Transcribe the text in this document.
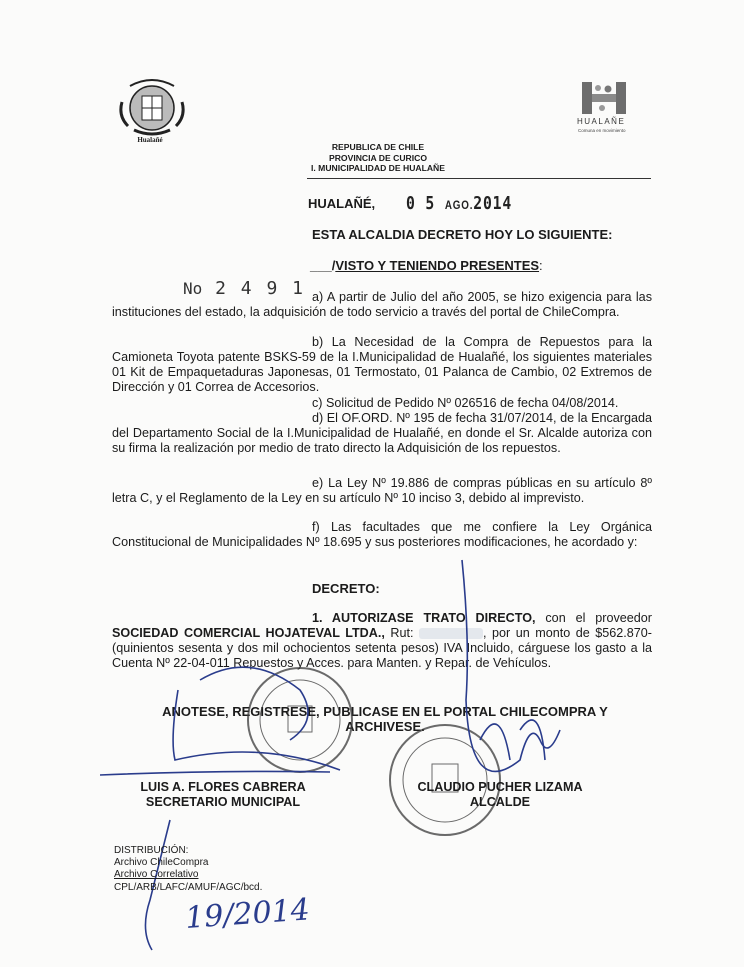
Hualañé
HUALAÑE
Comuna en movimiento
REPUBLICA DE CHILE
PROVINCIA DE CURICO
I. MUNICIPALIDAD DE HUALAÑE
HUALAÑÉ, 0 5 AGO.2014
ESTA ALCALDIA DECRETO HOY LO SIGUIENTE:
___/VISTO Y TENIENDO PRESENTES:
No 2 4 9 1 a) A partir de Julio del año 2005, se hizo exigencia para las instituciones del estado, la adquisición de todo servicio a través del portal de ChileCompra.
b) La Necesidad de la Compra de Repuestos para la Camioneta Toyota patente BSKS-59 de la I.Municipalidad de Hualañé, los siguientes materiales 01 Kit de Empaquetaduras Japonesas, 01 Termostato, 01 Palanca de Cambio, 02 Extremos de Dirección y 01 Correa de Accesorios.
c) Solicitud de Pedido Nº 026516 de fecha 04/08/2014.
d) El OF.ORD. Nº 195 de fecha 31/07/2014, de la Encargada del Departamento Social de la I.Municipalidad de Hualañé, en donde el Sr. Alcalde autoriza con su firma la realización por medio de trato directo la Adquisición de los repuestos.
e) La Ley Nº 19.886 de compras públicas en su artículo 8º letra C, y el Reglamento de la Ley en su artículo Nº 10 inciso 3, debido al imprevisto.
f) Las facultades que me confiere la Ley Orgánica Constitucional de Municipalidades Nº 18.695 y sus posteriores modificaciones, he acordado y:
DECRETO:
1. AUTORIZASE TRATO DIRECTO, con el proveedor SOCIEDAD COMERCIAL HOJATEVAL LTDA., Rut:	, por un monto de $562.870- (quinientos sesenta y dos mil ochocientos setenta pesos) IVA Incluido, cárguese los gasto a la Cuenta Nº 22-04-011 Repuestos y Acces. para Manten. y Repar. de Vehículos.
ANOTESE, REGISTRESE, PUBLICASE EN EL PORTAL CHILECOMPRA Y
ARCHIVESE.
19/2014
LUIS A. FLORES CABRERA
SECRETARIO MUNICIPAL
CLAUDIO PUCHER LIZAMA
ALCALDE
DISTRIBUCIÓN:
Archivo ChileCompra
Archivo Correlativo
CPL/ARB/LAFC/AMUF/AGC/bcd.
